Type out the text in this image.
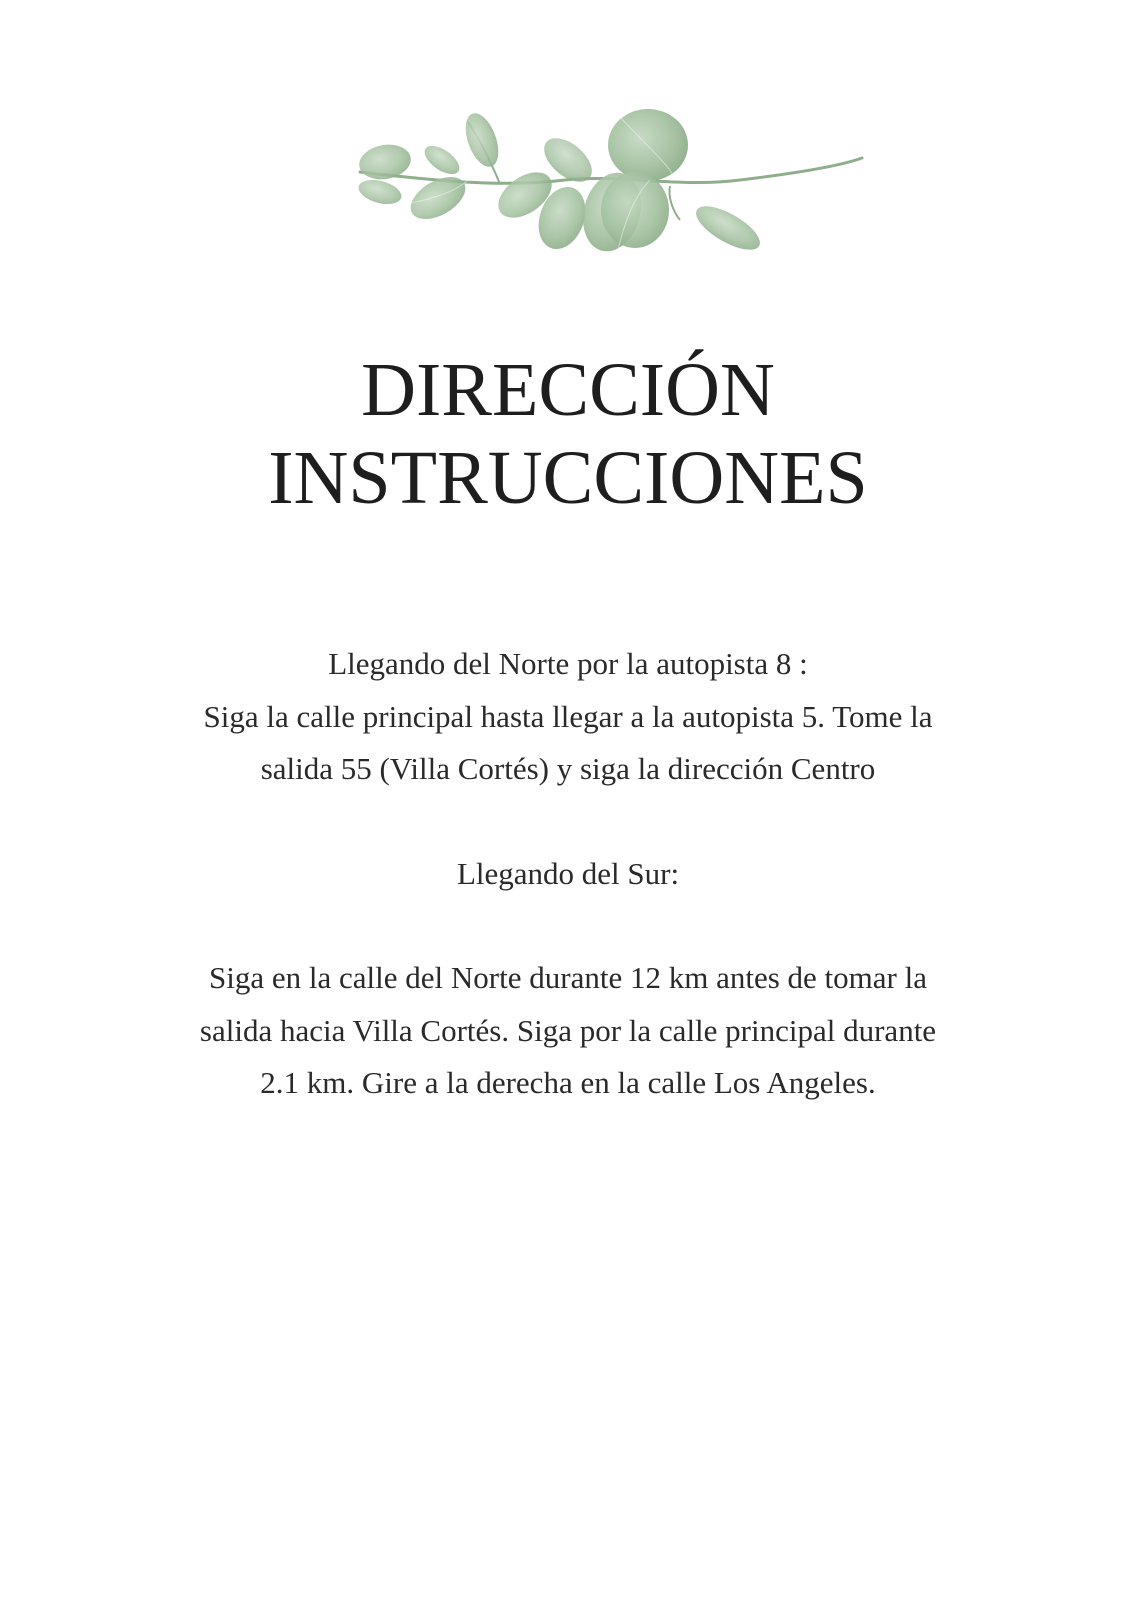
DIRECCIÓN
INSTRUCCIONES

Llegando del Norte por la autopista 8 :
Siga la calle principal hasta llegar a la autopista 5. Tome la
salida 55 (Villa Cortés) y siga la dirección Centro

Llegando del Sur:

Siga en la calle del Norte durante 12 km antes de tomar la
salida hacia Villa Cortés. Siga por la calle principal durante
2.1 km. Gire a la derecha en la calle Los Angeles.
